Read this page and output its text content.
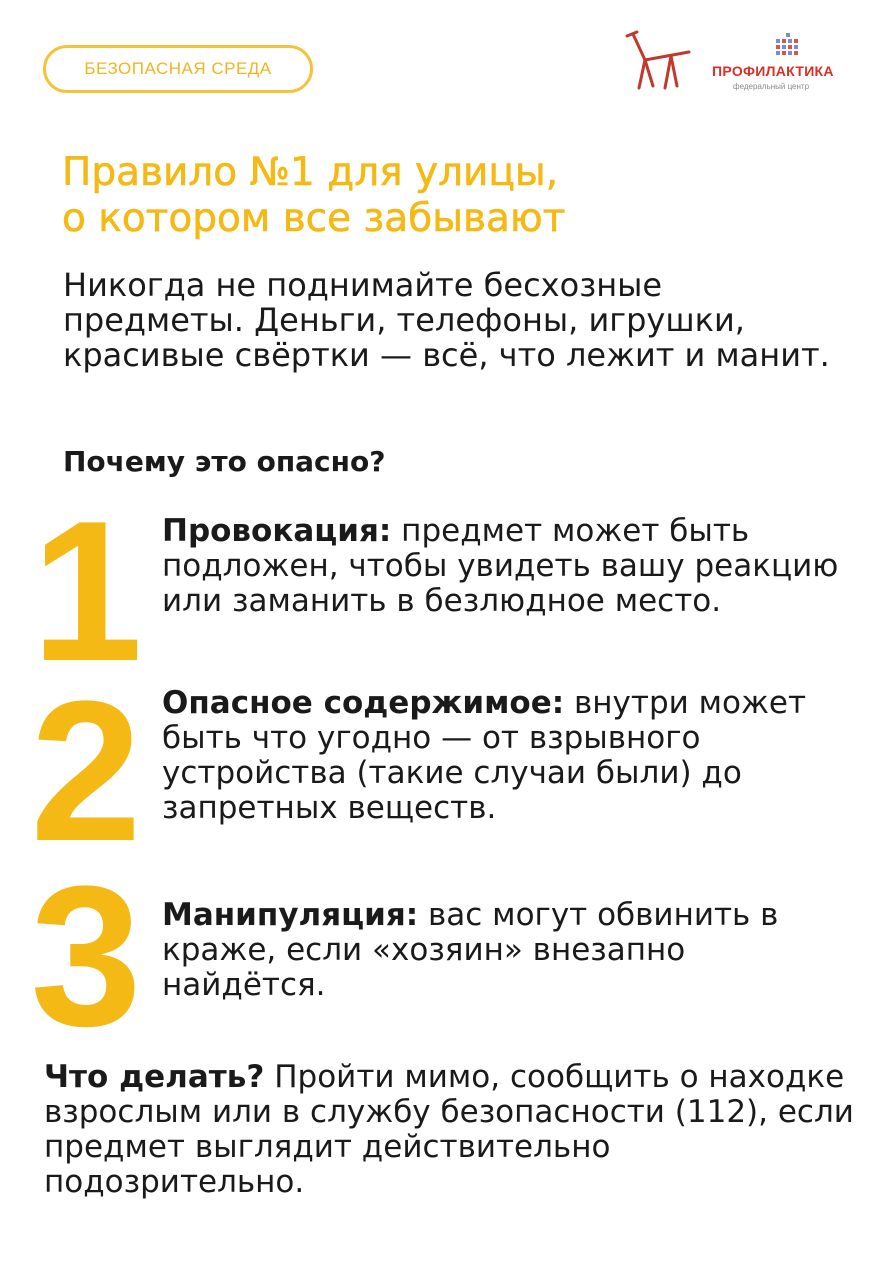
БЕЗОПАСНАЯ СРЕДА	ПРОФИЛАКТИКА
федеральный центр
Правило №1 для улицы,
о котором все забывают

Никогда не поднимайте бесхозные предметы. Деньги, телефоны, игрушки, красивые свёртки — всё, что лежит и манит.

Почему это опасно?

1 Провокация: предмет может быть подложен, чтобы увидеть вашу реакцию или заманить в безлюдное место.

2 Опасное содержимое: внутри может быть что угодно — от взрывного устройства (такие случаи были) до запретных веществ.

3 Манипуляция: вас могут обвинить в краже, если «хозяин» внезапно найдётся.

Что делать? Пройти мимо, сообщить о находке взрослым или в службу безопасности (112), если предмет выглядит действительно подозрительно.
